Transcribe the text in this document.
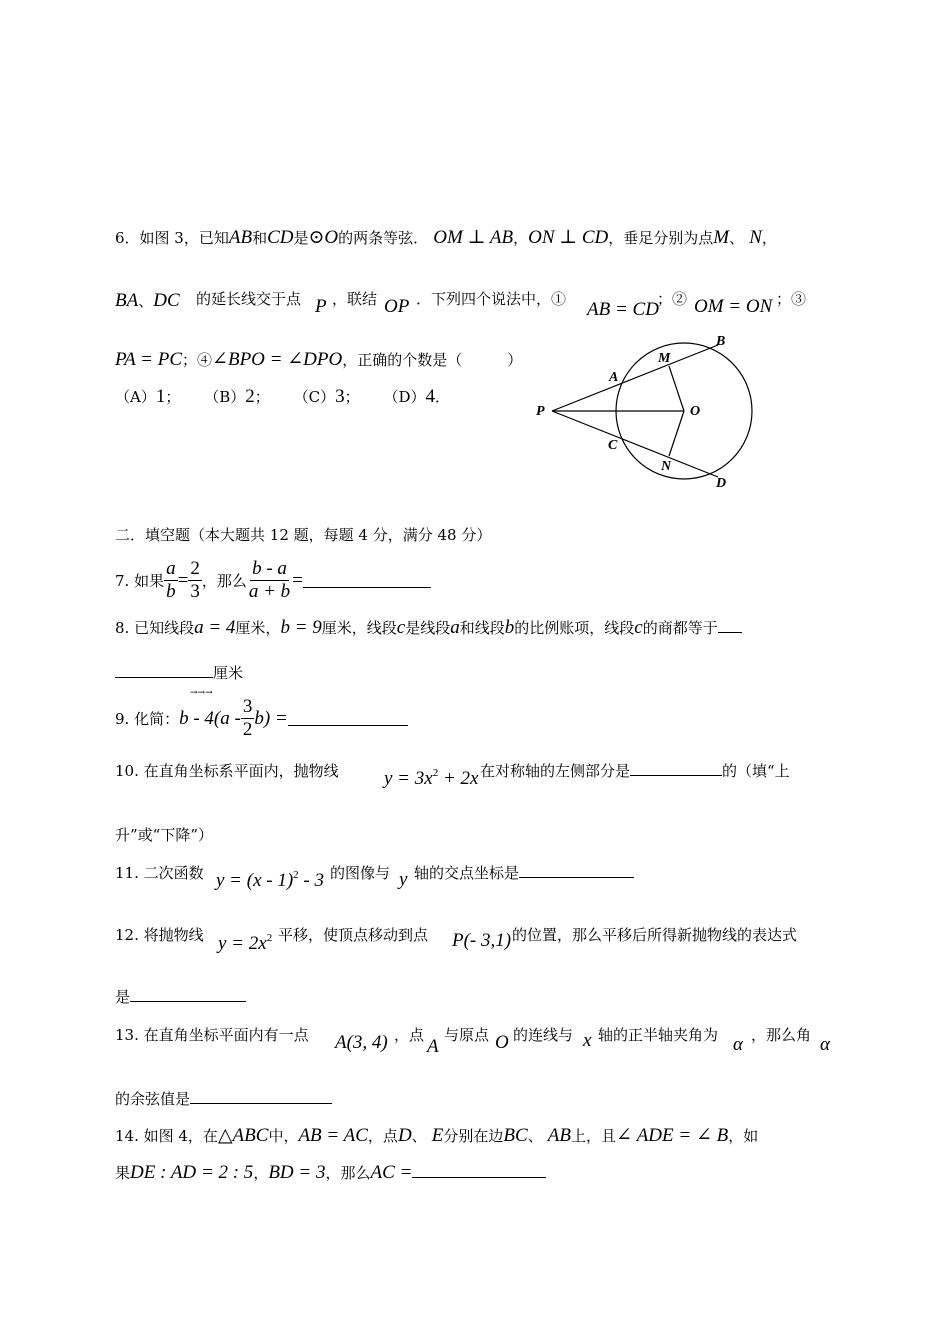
6．如图 3，已知AB和CD是⊙O的两条等弦． OM ⊥ AB，ON ⊥ CD，垂足分别为点M、 N，
BA、DC 的延长线交于点 P ，联结 OP ．下列四个说法中，① AB = CD
；② OM = ON ；③
PA = PC；④∠BPO = ∠DPO，正确的个数是（　　　）
（A）1； （B）2； （C）3； （D）4．
B
M
A
P	O
C
N
D
二．填空题（本大题共 12 题，每题 4 分，满分 48 分）
7. 如果 $\frac{a}{b} = \frac{2}{3}$ ，那么 $\frac{b - a}{a + b}$ =
8. 已知线段a = 4厘米，b = 9厘米，线段c是线段a和线段b的比例账项，线段c的商都等于
厘米
9. 化简： b - $4(a - \frac{3}{2} b)$ =
→→→
10. 在直角坐标系平面内，抛物线 $y = 3x^2 + 2x$ 在对称轴的左侧部分是	的（填“上
升”或“下降”）
11. 二次函数 y = (x - 1)$^2$ - 3 的图像与 y 轴的交点坐标是
12. 将抛物线 $y = 2x^2$ 平移，使顶点移动到点 P(- 3,1) 的位置，那么平移后所得新抛物线的表达式
是
13. 在直角坐标平面内有一点 A(3, 4) ，点
A
与原点 O 的连线与 x 轴的正半轴夹角为 α ，那么角 α
的余弦值是
14. 如图 4，在△ABC中，AB = AC，点D、 E分别在边BC、 AB上，且∠ ADE = ∠ B，如
果DE : AD = 2 : 5，BD = 3，那么AC =
